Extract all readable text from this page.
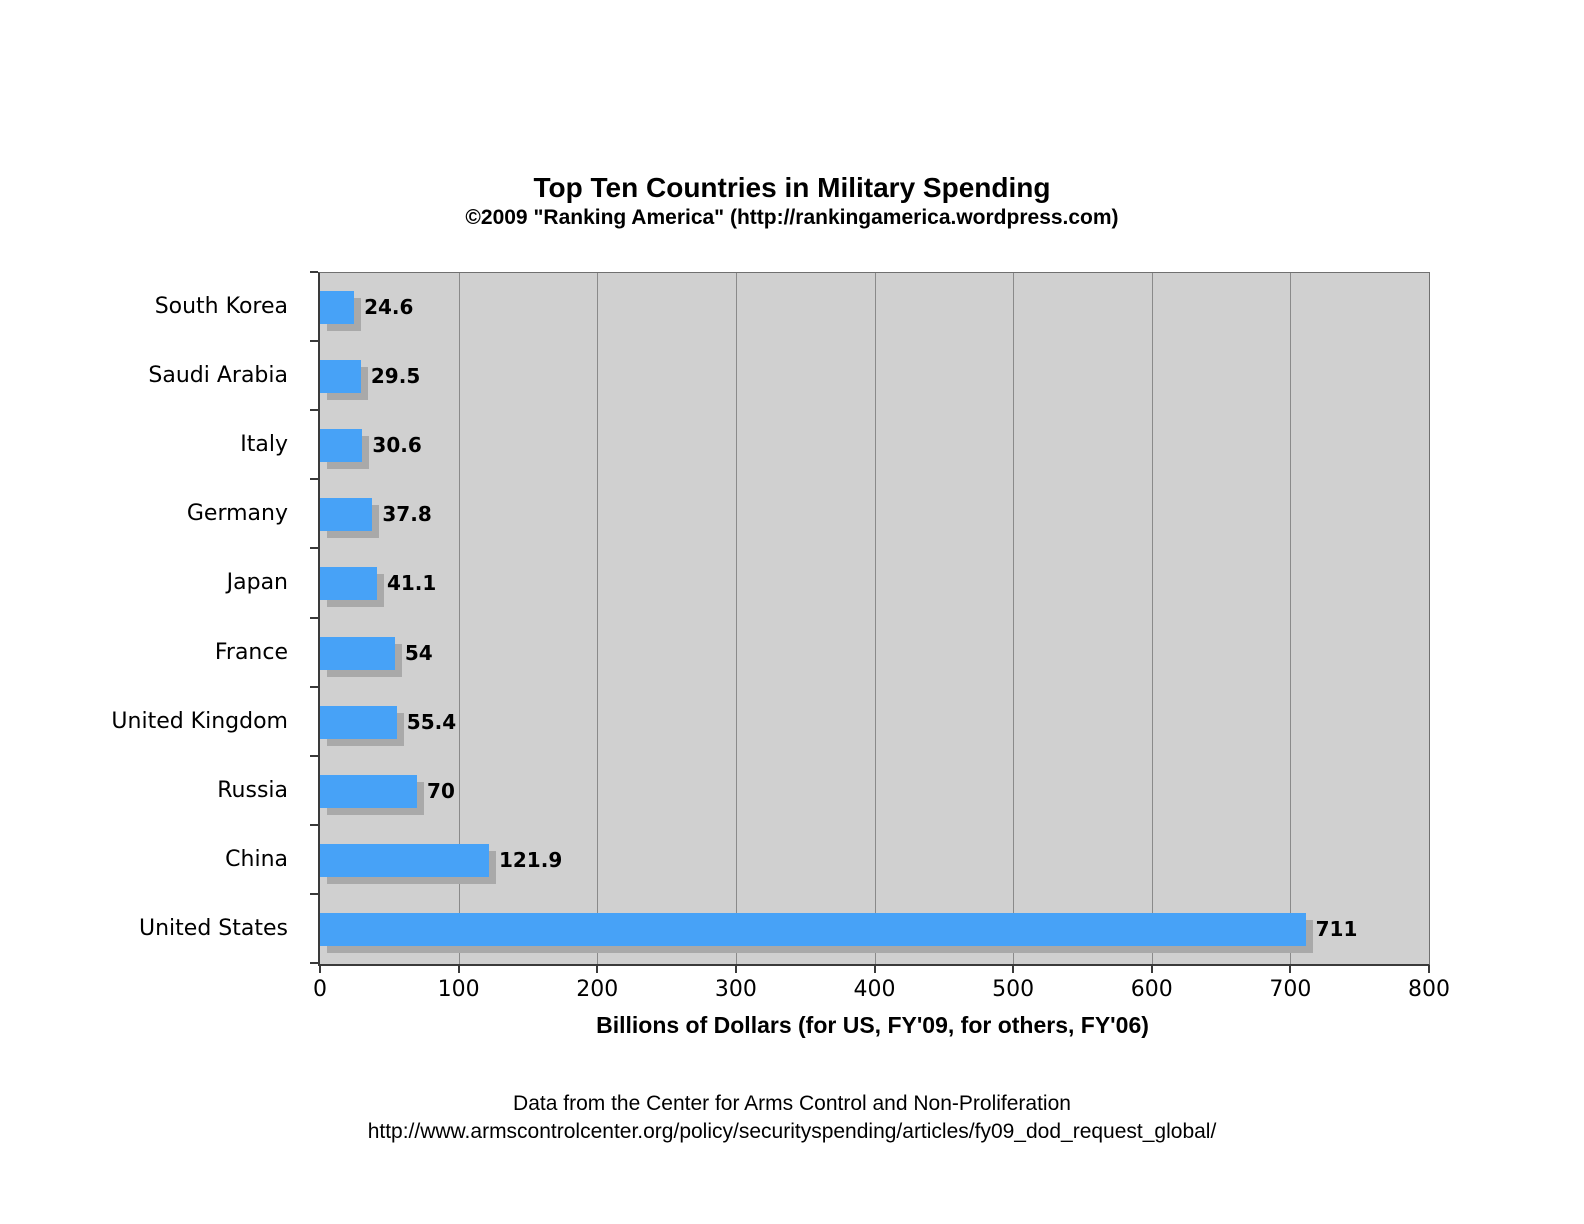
Top Ten Countries in Military Spending
©2009 "Ranking America" (http://rankingamerica.wordpress.com)
24.6
29.5
30.6
37.8
41.1
54
55.4
70
121.9
711
South Korea
Saudi Arabia
Italy
Germany
Japan
France
United Kingdom
Russia
China
United States
0	100	200	300	400	500	600	700	800
Billions of Dollars (for US, FY'09, for others, FY'06)
Data from the Center for Arms Control and Non-Proliferation
http://www.armscontrolcenter.org/policy/securityspending/articles/fy09_dod_request_global/
